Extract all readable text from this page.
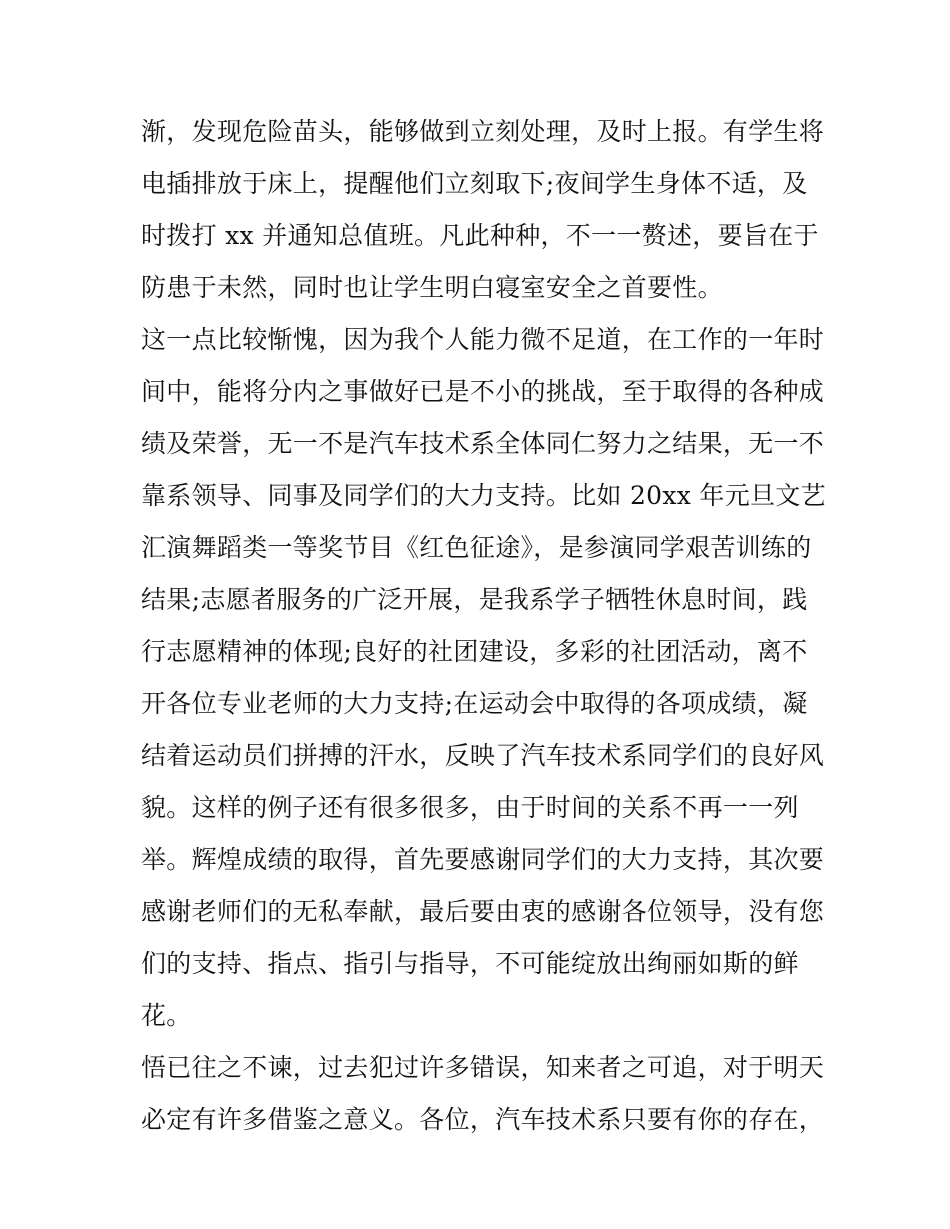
渐，发现危险苗头，能够做到立刻处理，及时上报。有学生将
电插排放于床上，提醒他们立刻取下;夜间学生身体不适，及
时拨打 xx 并通知总值班。凡此种种，不一一赘述，要旨在于
防患于未然，同时也让学生明白寝室安全之首要性。
这一点比较惭愧，因为我个人能力微不足道，在工作的一年时
间中，能将分内之事做好已是不小的挑战，至于取得的各种成
绩及荣誉，无一不是汽车技术系全体同仁努力之结果，无一不
靠系领导、同事及同学们的大力支持。比如 20xx 年元旦文艺
汇演舞蹈类一等奖节目《红色征途》，是参演同学艰苦训练的
结果;志愿者服务的广泛开展，是我系学子牺牲休息时间，践
行志愿精神的体现;良好的社团建设，多彩的社团活动，离不
开各位专业老师的大力支持;在运动会中取得的各项成绩，凝
结着运动员们拼搏的汗水，反映了汽车技术系同学们的良好风
貌。这样的例子还有很多很多，由于时间的关系不再一一列
举。辉煌成绩的取得，首先要感谢同学们的大力支持，其次要
感谢老师们的无私奉献，最后要由衷的感谢各位领导，没有您
们的支持、指点、指引与指导，不可能绽放出绚丽如斯的鲜
花。
悟已往之不谏，过去犯过许多错误，知来者之可追，对于明天
必定有许多借鉴之意义。各位，汽车技术系只要有你的存在，
